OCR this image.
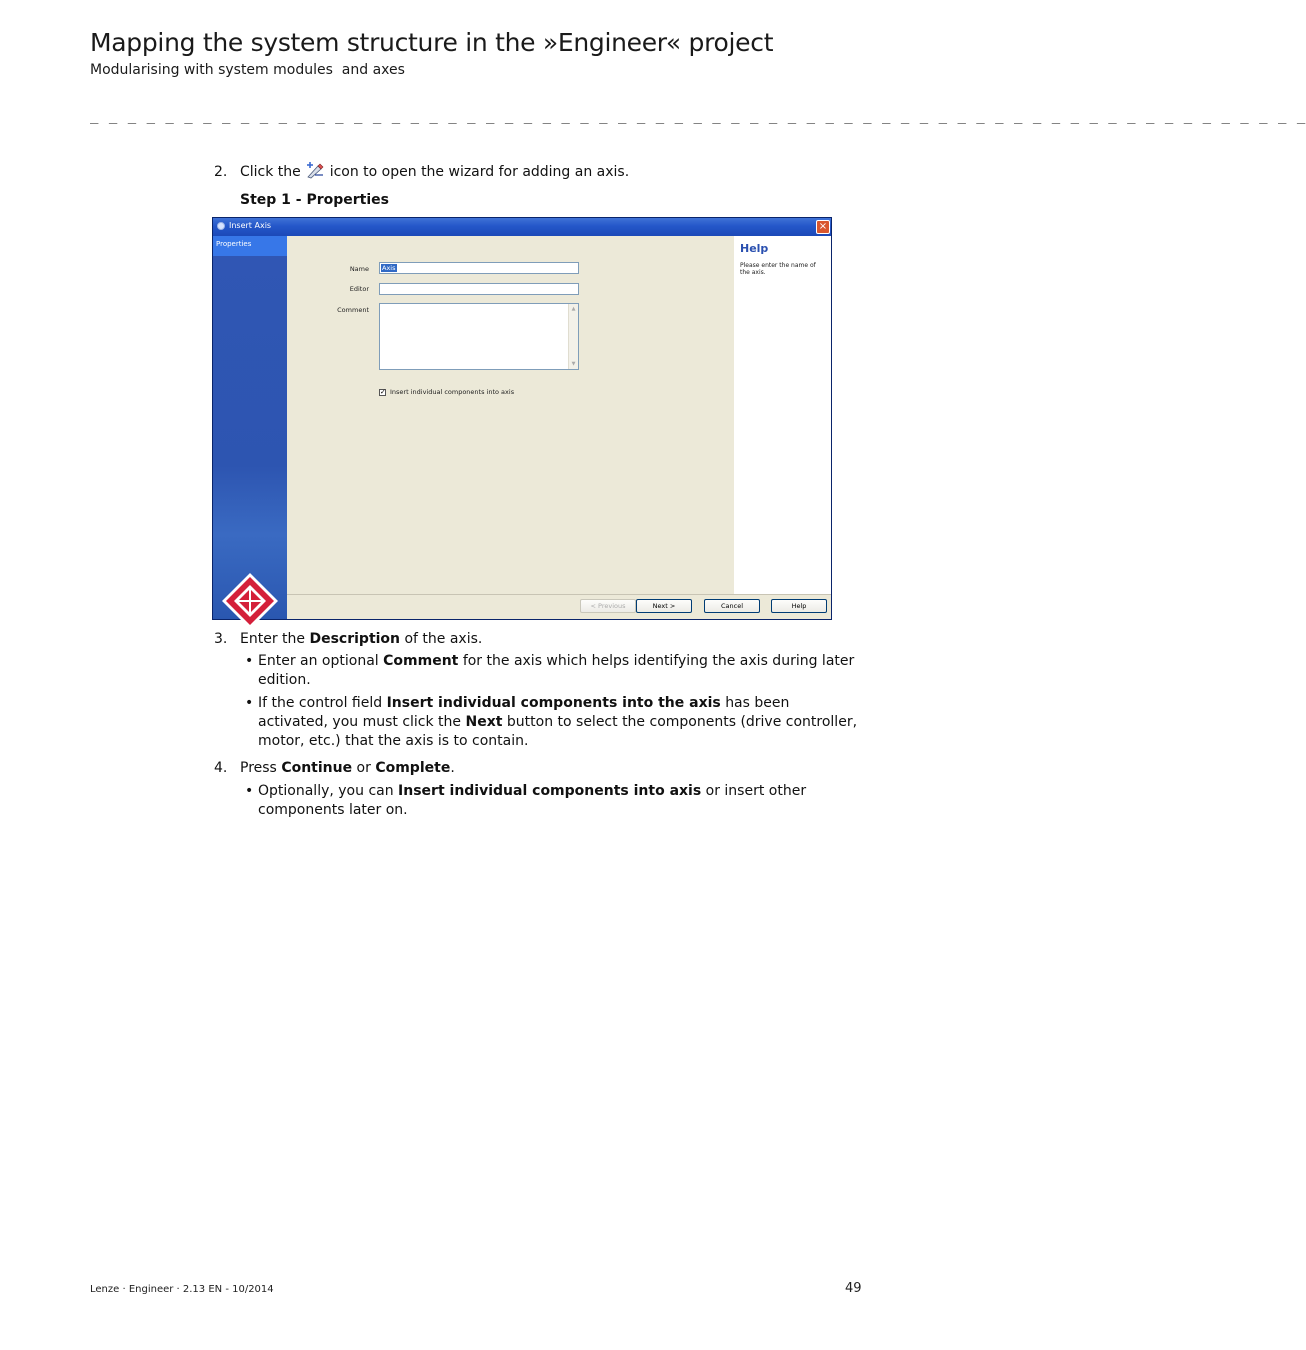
Mapping the system structure in the »Engineer« project
Modularising with system modules  and axes
_ _ _ _ _ _ _ _ _ _ _ _ _ _ _ _ _ _ _ _ _ _ _ _ _ _ _ _ _ _ _ _ _ _ _ _ _ _ _ _ _ _ _ _ _ _ _ _ _ _ _ _ _ _ _ _ _ _ _ _ _ _ _ _ _
2. Click the icon to open the wizard for adding an axis.
Step 1 - Properties
Insert Axis	×
Properties
Name	Axis
Editor
Comment	▲
▼
✓ Insert individual components into axis
Help
Please enter the name of the axis.
< Previous	Next >	Cancel	Help
3. Enter the Description of the axis.
• Enter an optional Comment for the axis which helps identifying the axis during later edition.
• If the control field Insert individual components into the axis has been activated, you must click the Next button to select the components (drive controller, motor, etc.) that the axis is to contain.
4. Press Continue or Complete.
• Optionally, you can Insert individual components into axis or insert other components later on.
Lenze · Engineer · 2.13 EN - 10/2014	49
